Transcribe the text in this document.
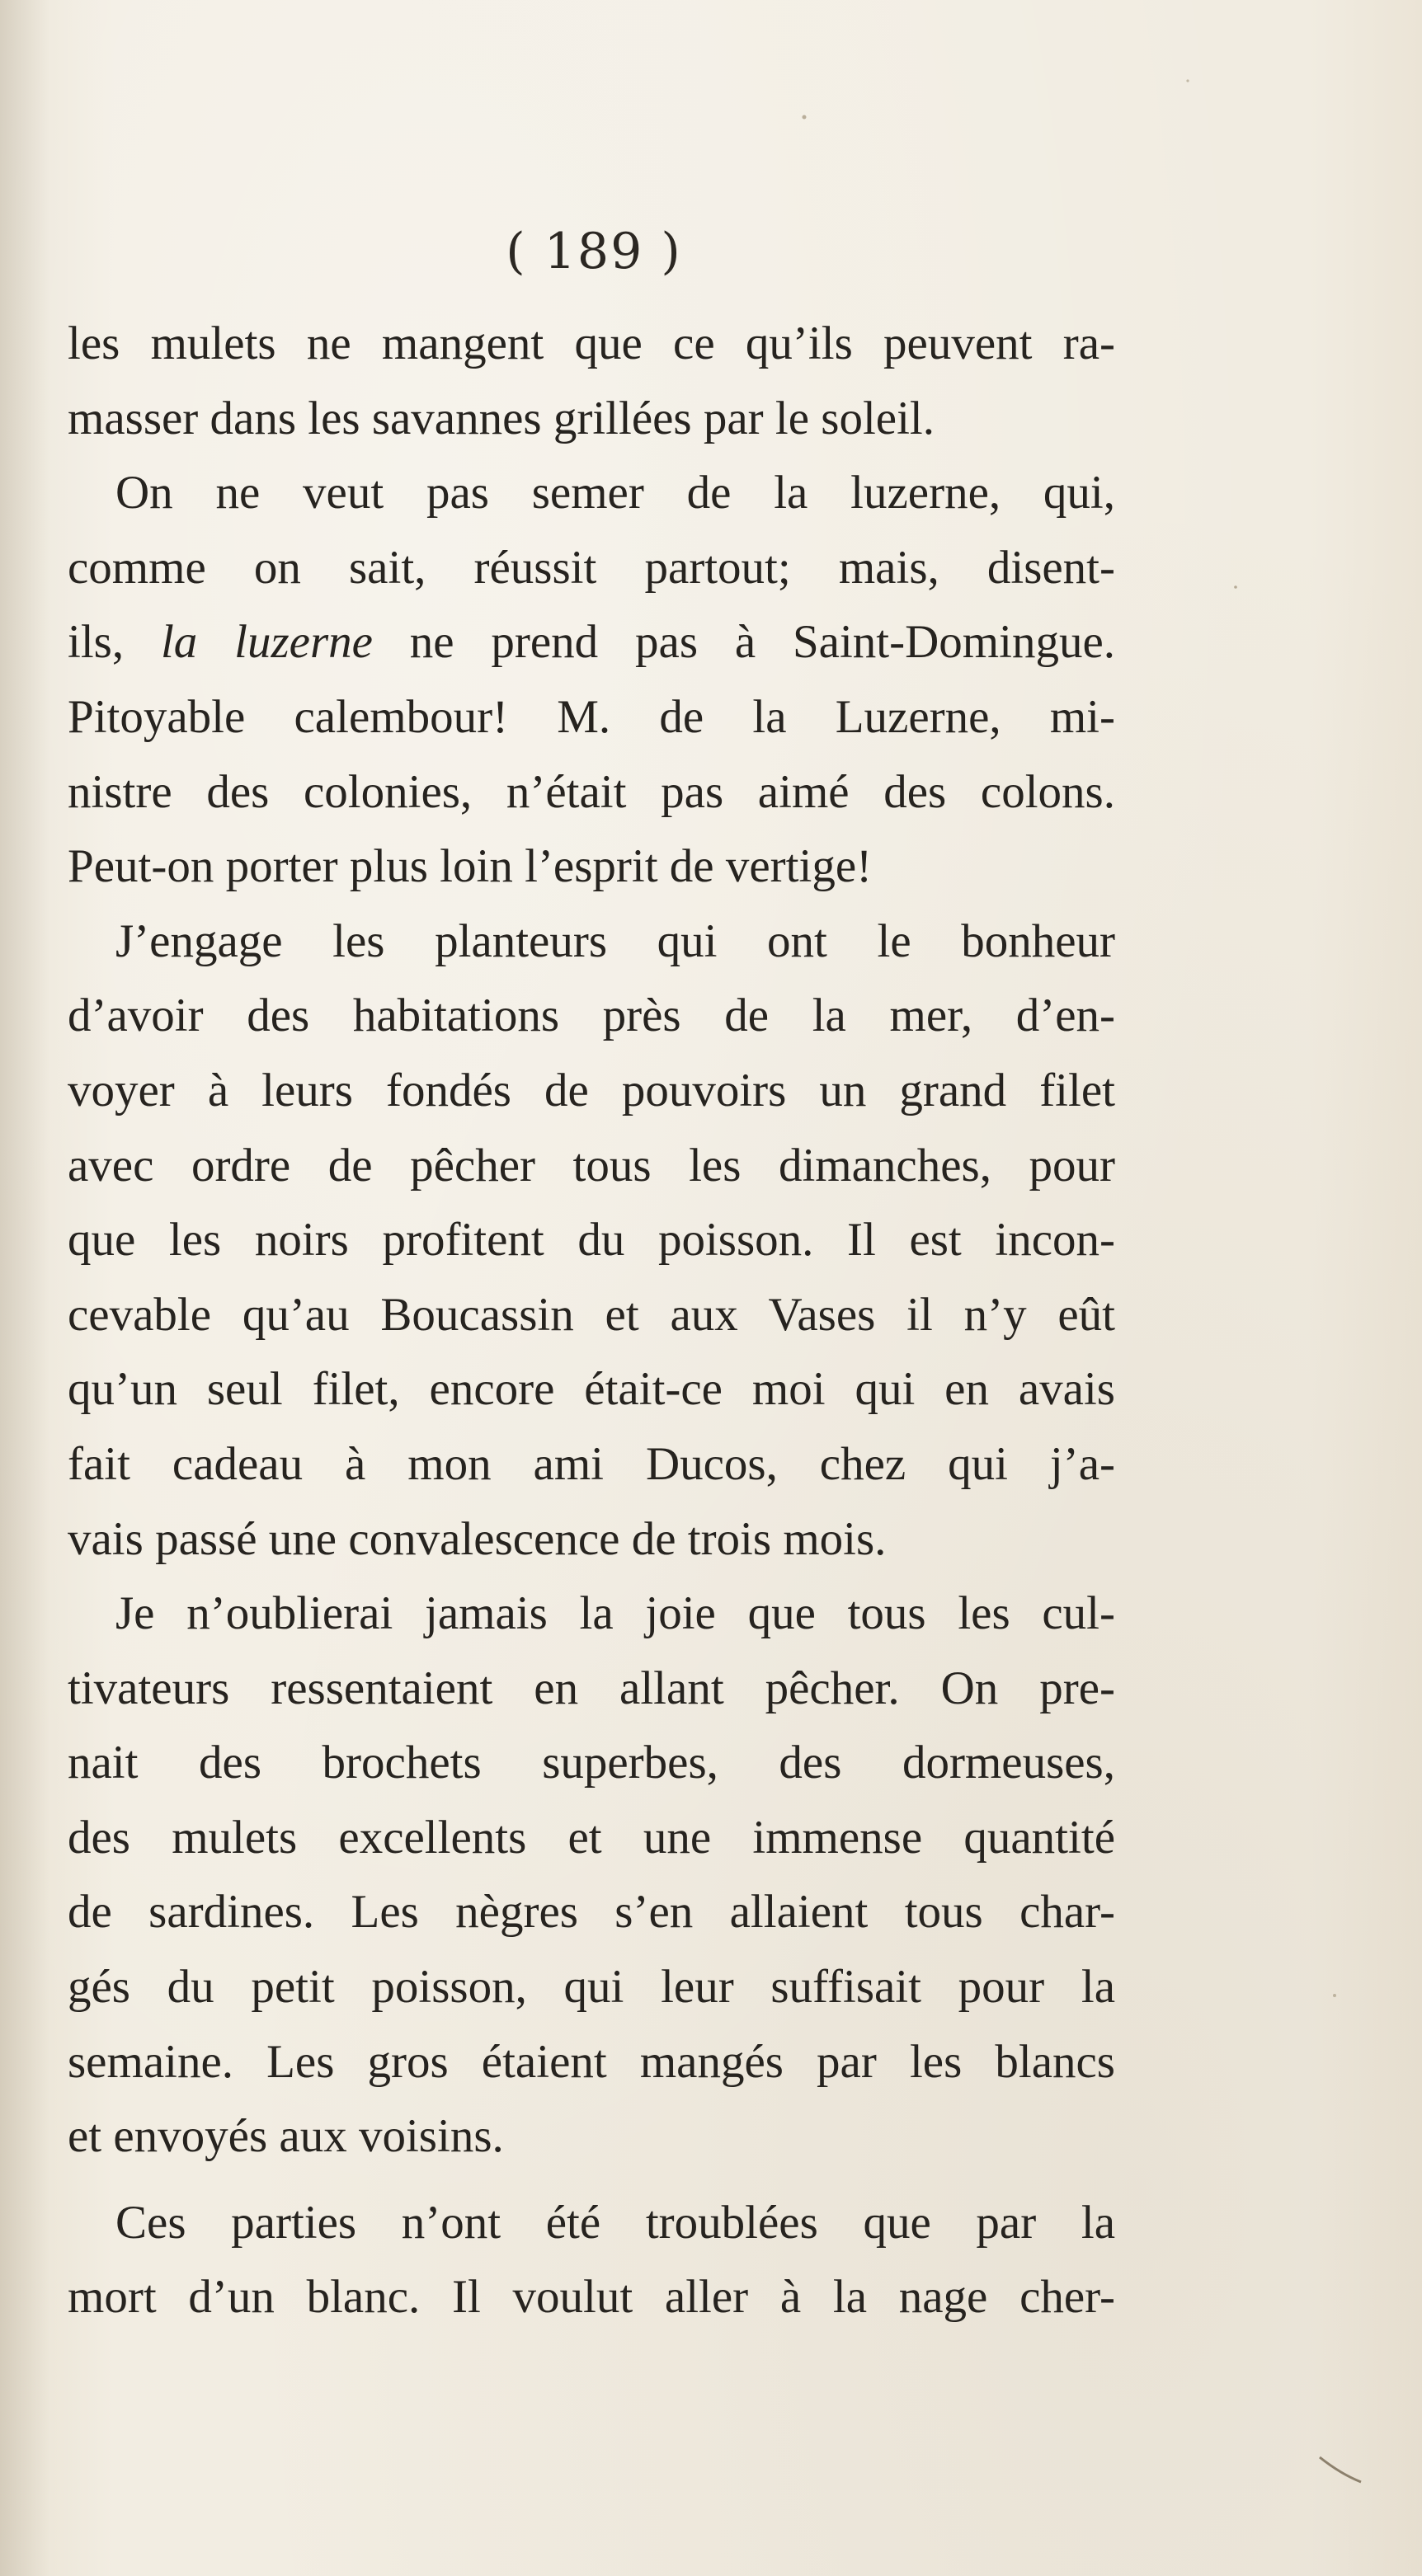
( 189 )
les mulets ne mangent que ce qu’ils peuvent ra-
masser dans les savannes grillées par le soleil.
On ne veut pas semer de la luzerne, qui,
comme on sait, réussit partout; mais, disent-
ils, la luzerne ne prend pas à Saint-Domingue.
Pitoyable calembour! M. de la Luzerne, mi-
nistre des colonies, n’était pas aimé des colons.
Peut-on porter plus loin l’esprit de vertige!
J’engage les planteurs qui ont le bonheur
d’avoir des habitations près de la mer, d’en-
voyer à leurs fondés de pouvoirs un grand filet
avec ordre de pêcher tous les dimanches, pour
que les noirs profitent du poisson. Il est incon-
cevable qu’au Boucassin et aux Vases il n’y eût
qu’un seul filet, encore était-ce moi qui en avais
fait cadeau à mon ami Ducos, chez qui j’a-
vais passé une convalescence de trois mois.
Je n’oublierai jamais la joie que tous les cul-
tivateurs ressentaient en allant pêcher. On pre-
nait des brochets superbes, des dormeuses,
des mulets excellents et une immense quantité
de sardines. Les nègres s’en allaient tous char-
gés du petit poisson, qui leur suffisait pour la
semaine. Les gros étaient mangés par les blancs
et envoyés aux voisins.
Ces parties n’ont été troublées que par la
mort d’un blanc. Il voulut aller à la nage cher-
